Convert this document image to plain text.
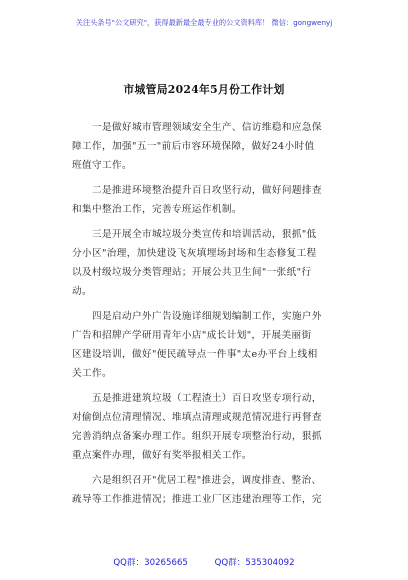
关注头条号"公文研究"，获得最新最全最专业的公文资料库！ 微信：gongwenyj
市城管局2024年5月份工作计划
　　一是做好城市管理领域安全生产、信访维稳和应急保
障工作，加强"五一"前后市容环境保障，做好24小时值
班值守工作。
　　二是推进环境整治提升百日攻坚行动，做好问题排查
和集中整治工作，完善专班运作机制。
　　三是开展全市城垃圾分类宣传和培训活动，狠抓"低
分小区"治理，加快建设飞灰填埋场封场和生态修复工程
以及村级垃圾分类管理站；开展公共卫生间"一张纸"行
动。
　　四是启动户外广告设施详细规划编制工作，实施户外
广告和招牌产学研用青年小店"成长计划"，开展美丽街
区建设培训，做好"便民疏导点一件事"太e办平台上线相
关工作。
　　五是推进建筑垃圾（工程渣土）百日攻坚专项行动，
对偷倒点位清理情况、堆填点清理或规范情况进行再督查
完善消纳点备案办理工作。组织开展专项整治行动，狠抓
重点案件办理，做好有奖举报相关工作。
　　六是组织召开"优居工程"推进会，调度排查、整治、
疏导等工作推进情况；推进工业厂区违建治理等工作，完
QQ群：30265665	QQ群：535304092
